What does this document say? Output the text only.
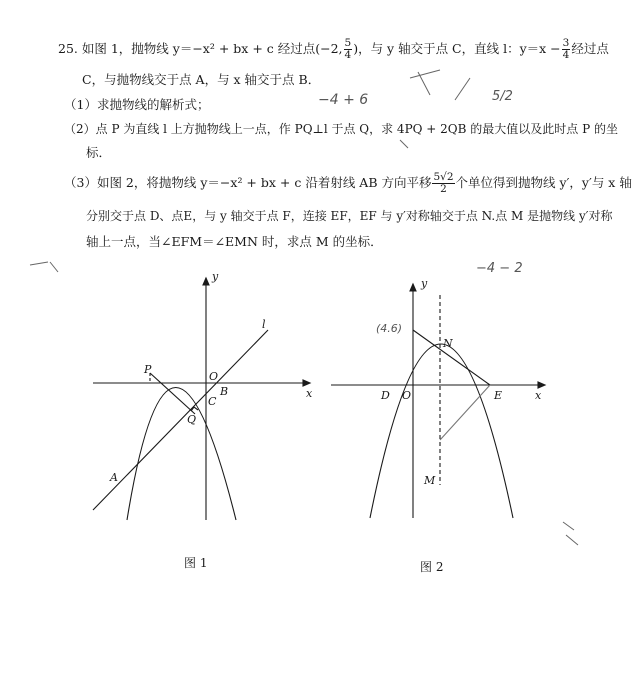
25. 如图 1，抛物线 y＝−x² + bx + c 经过点(−2, $\frac{5}{4}$ )，与 y 轴交于点 C，直线 l：$y=x - \frac{3}{4}$ 经过点
C，与抛物线交于点 A，与 x 轴交于点 B．
（1）求抛物线的解析式；
（2）点 P 为直线 l 上方抛物线上一点，作 PQ⊥l 于点 Q，求 4PQ + 2QB 的最大值以及此时点 P 的坐
标．
（3）如图 2，将抛物线 y＝−x² + bx + c 沿着射线 AB 方向平移 $\frac{5√2}{2}$ 个单位得到抛物线 y′，y′与 x 轴
分别交于点 D、点E，与 y 轴交于点 F，连接 EF，EF 与 y′对称轴交于点 N.点 M 是抛物线 y′对称
轴上一点，当∠EFM＝∠EMN 时，求点 M 的坐标．
−4 + 6	5/2
−4 − 2
y
x
l
P
O
B
C
Q
A
y
x
D O	E
N
M
(4.6)
图 1	图 2
